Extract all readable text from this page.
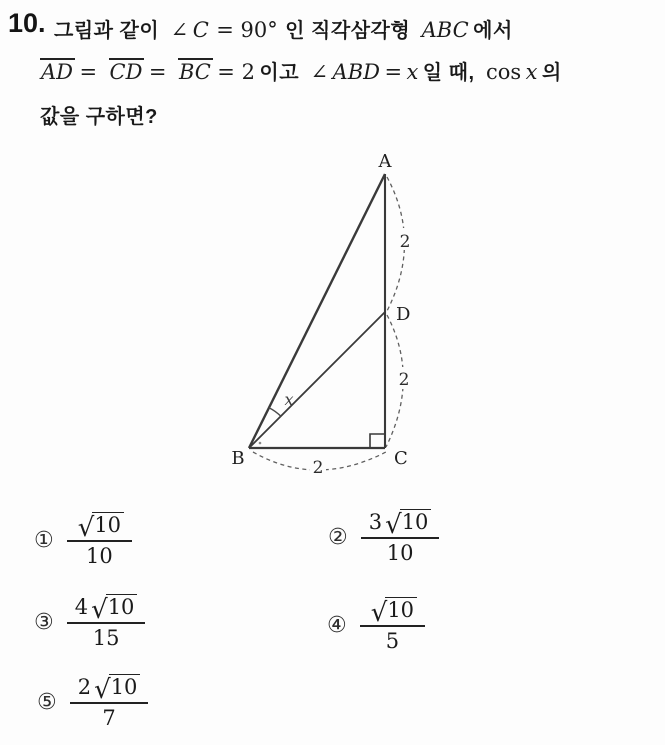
10. 그림과 같이 ∠ C = 90° 인 직각삼각형 ABC 에서
AD = CD = BC = 2 이고 ∠ ABD = x 일 때, cos x 의
값을 구하면?
2
2
2
A
D
B	C
x
① $\frac{√ 10}{10}$	② $\frac{3 √ 10}{10}$
③ $\frac{4 √ 10}{15}$	④ $\frac{√ 10}{5}$
⑤ $\frac{2 √ 10}{7}$
